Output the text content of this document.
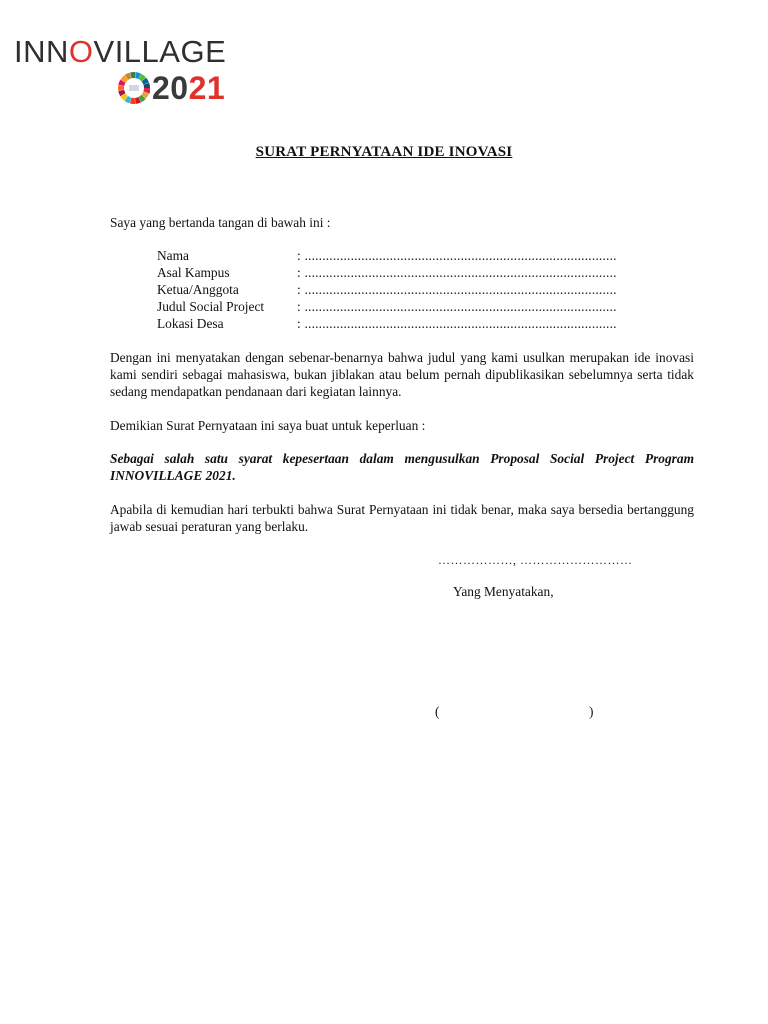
INNOVILLAGE
2021
SURAT PERNYATAAN IDE INOVASI

Saya yang bertanda tangan di bawah ini :

Nama	: ........................................................................................
Asal Kampus	: ........................................................................................
Ketua/Anggota	: ........................................................................................
Judul Social Project : ........................................................................................
Lokasi Desa	: ........................................................................................

Dengan ini menyatakan dengan sebenar-benarnya bahwa judul yang kami usulkan merupakan ide inovasi kami sendiri sebagai mahasiswa, bukan jiblakan atau belum pernah dipublikasikan sebelumnya serta tidak sedang mendapatkan pendanaan dari kegiatan lainnya.

Demikian Surat Pernyataan ini saya buat untuk keperluan :

Sebagai salah satu syarat kepesertaan dalam mengusulkan Proposal Social Project Program INNOVILLAGE 2021.

Apabila di kemudian hari terbukti bahwa Surat Pernyataan ini tidak benar, maka saya bersedia bertanggung jawab sesuai peraturan yang berlaku.

………………, ………………………
Yang Menyatakan,
(	)
